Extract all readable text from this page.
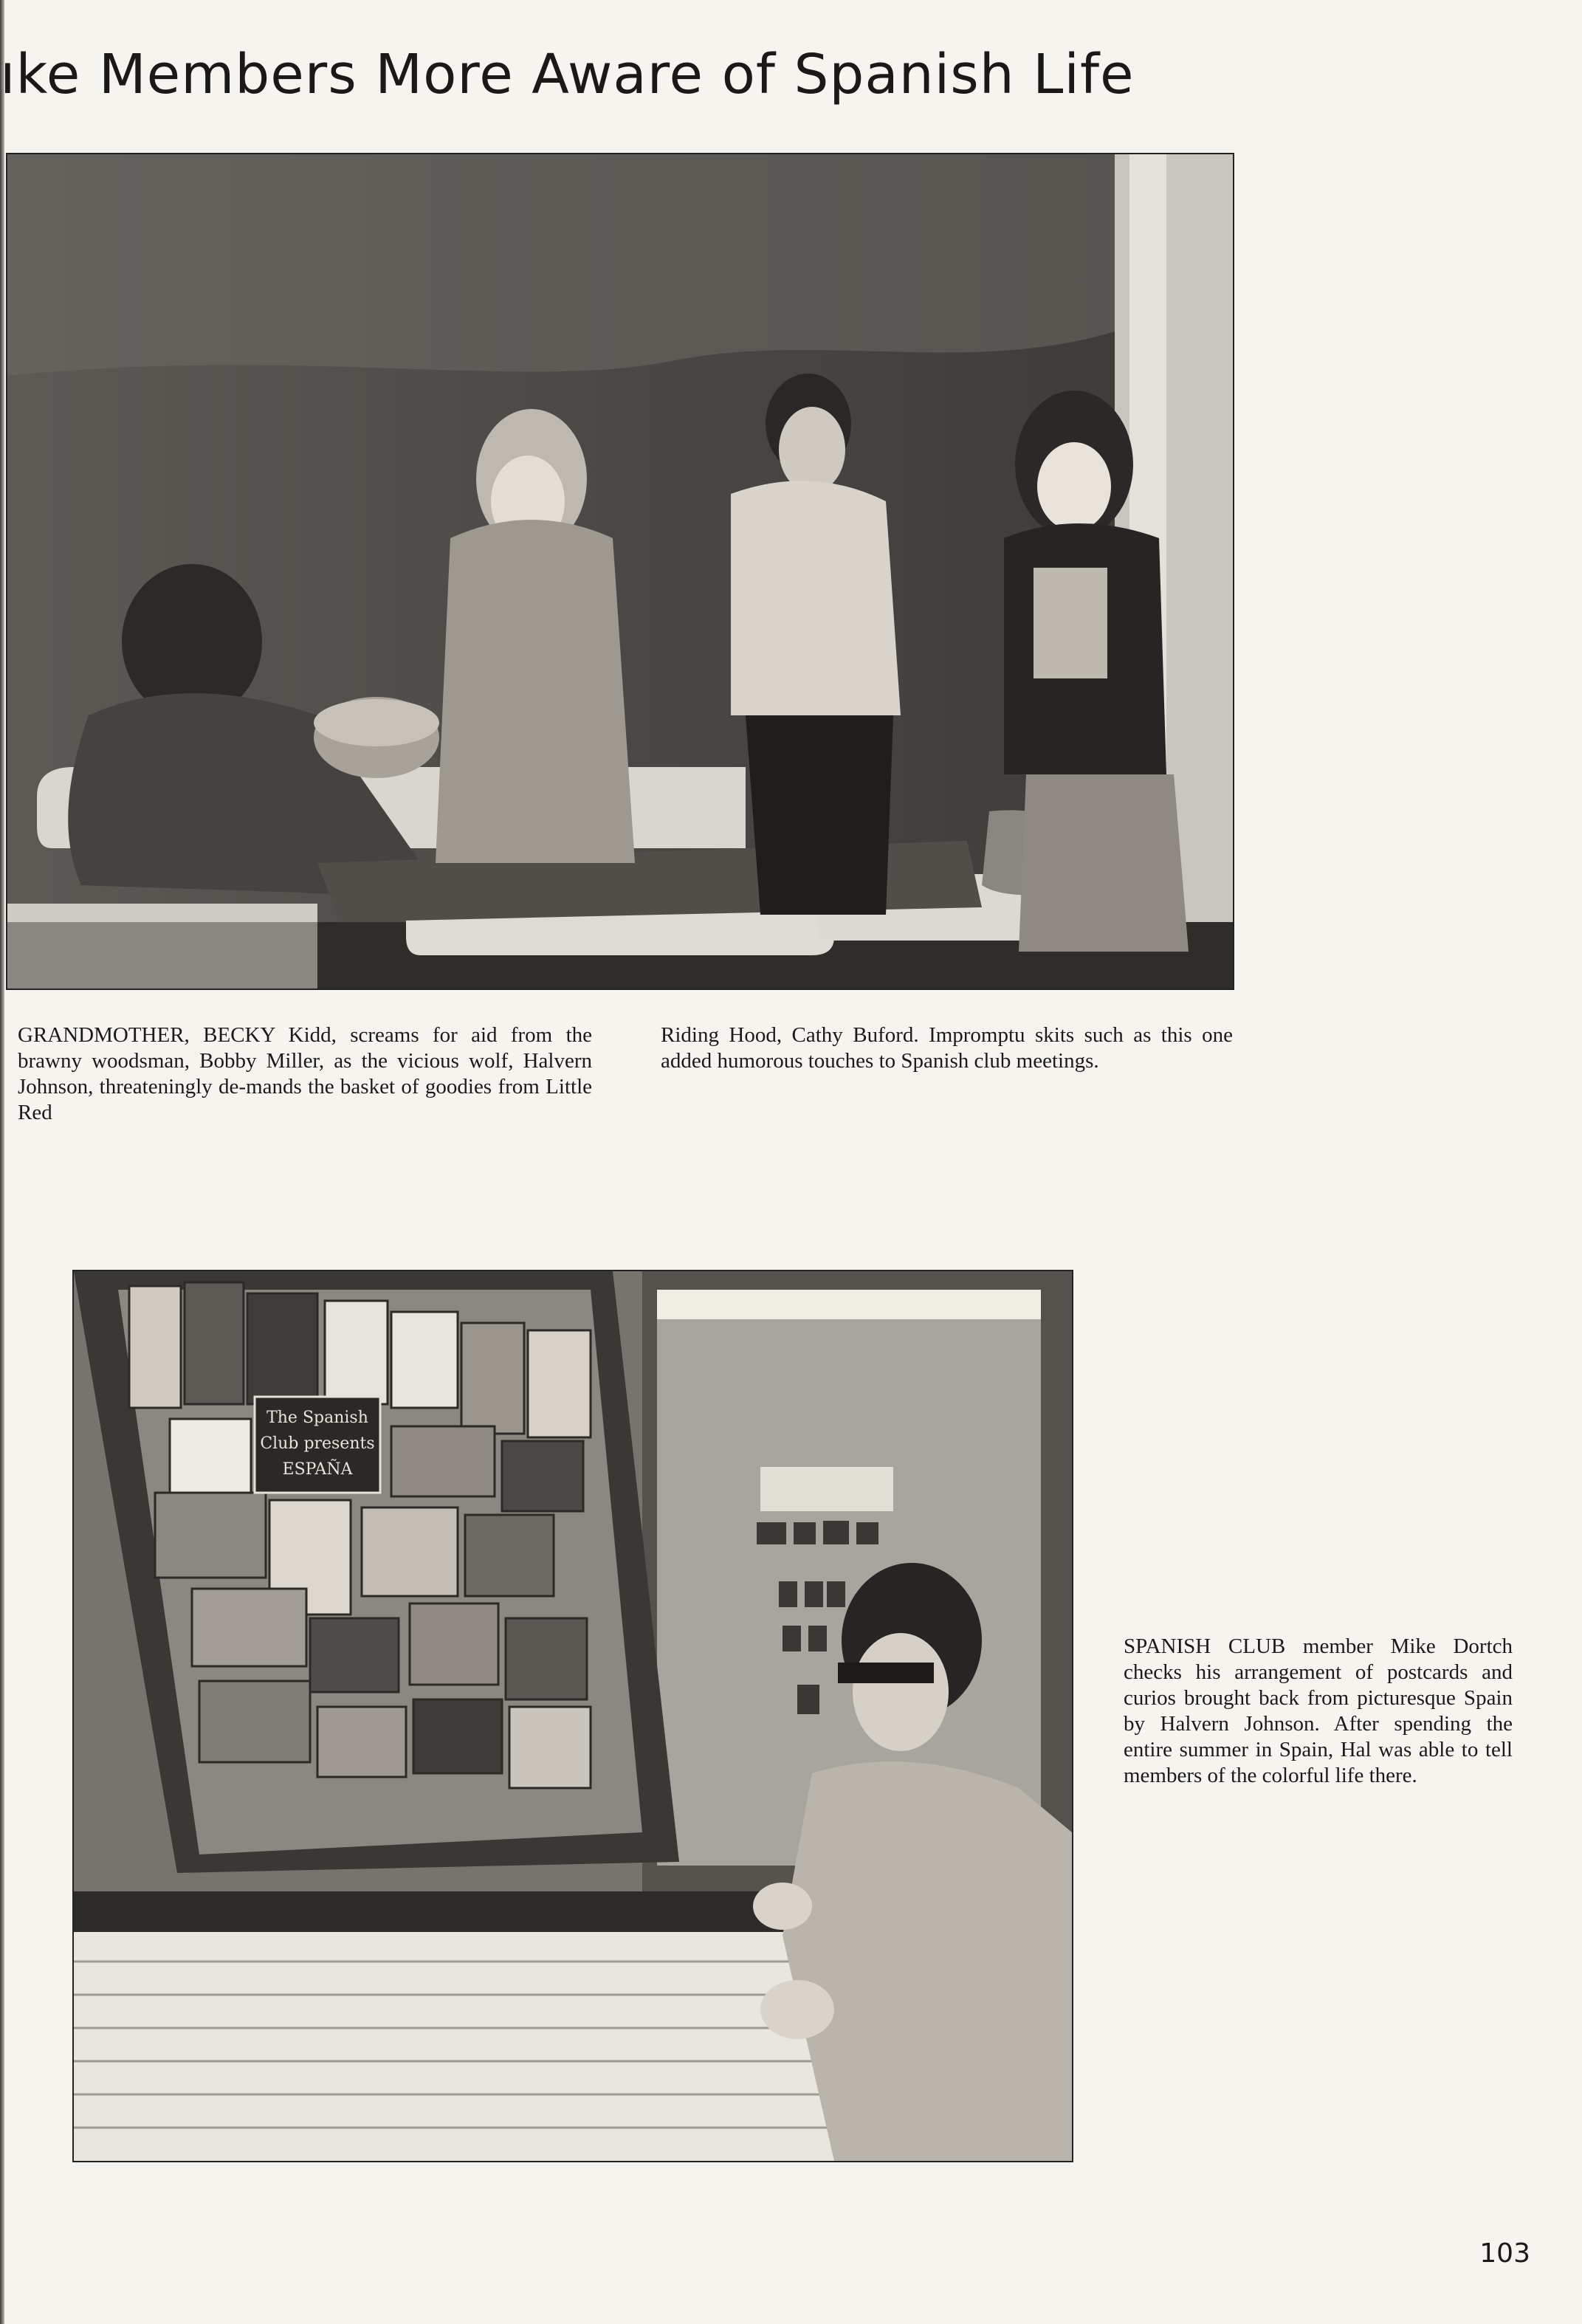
ıke Members More Aware of Spanish Life

GRANDMOTHER, BECKY Kidd, screams for aid from the brawny woodsman, Bobby Miller, as the vicious wolf, Halvern Johnson, threateningly de-mands the basket of goodies from Little Red

Riding Hood, Cathy Buford. Impromptu skits such as this one added humorous touches to Spanish club meetings.

The Spanish
Club presents
ESPAÑA

SPANISH CLUB member Mike Dortch checks his arrangement of postcards and curios brought back from picturesque Spain by Halvern Johnson. After spending the entire summer in Spain, Hal was able to tell members of the colorful life there.

103
